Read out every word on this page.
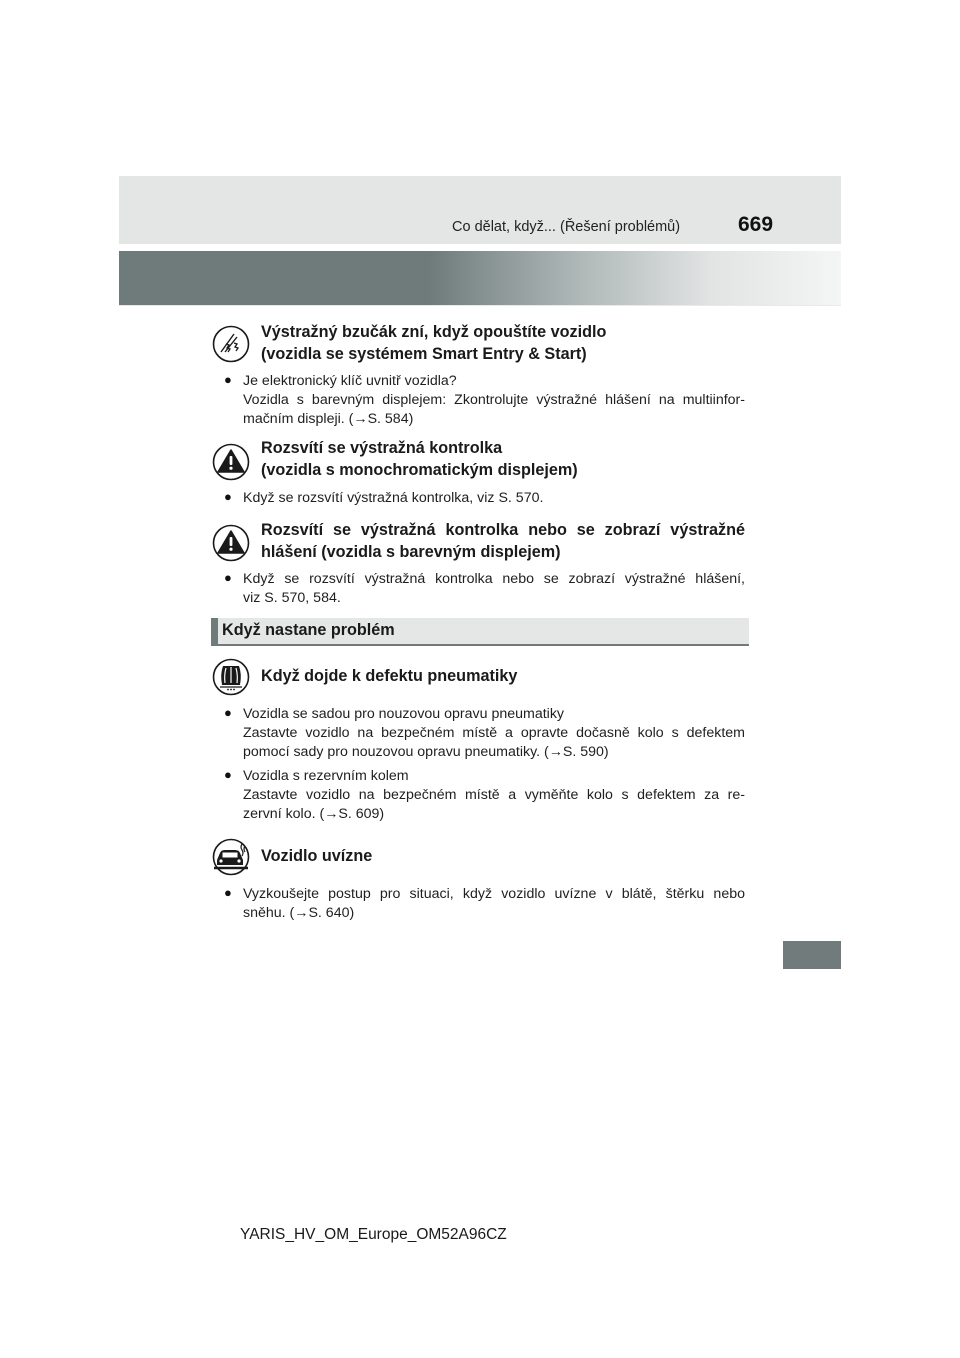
Co dělat, když... (Řešení problémů)	669
Výstražný bzučák zní, když opouštíte vozidlo
(vozidla se systémem Smart Entry & Start)
● Je elektronický klíč uvnitř vozidla?
Vozidla s barevným displejem: Zkontrolujte výstražné hlášení na multiinfor-
mačním displeji. (→S. 584)
Rozsvítí se výstražná kontrolka
(vozidla s monochromatickým displejem)
● Když se rozsvítí výstražná kontrolka, viz S. 570.
Rozsvítí se výstražná kontrolka nebo se zobrazí výstražné
hlášení (vozidla s barevným displejem)
● Když se rozsvítí výstražná kontrolka nebo se zobrazí výstražné hlášení,
viz S. 570, 584.
Když nastane problém
Když dojde k defektu pneumatiky
● Vozidla se sadou pro nouzovou opravu pneumatiky
Zastavte vozidlo na bezpečném místě a opravte dočasně kolo s defektem
pomocí sady pro nouzovou opravu pneumatiky. (→S. 590)
● Vozidla s rezervním kolem
Zastavte vozidlo na bezpečném místě a vyměňte kolo s defektem za re-
zervní kolo. (→S. 609)
Vozidlo uvízne
● Vyzkoušejte postup pro situaci, když vozidlo uvízne v blátě, štěrku nebo
sněhu. (→S. 640)
YARIS_HV_OM_Europe_OM52A96CZ
